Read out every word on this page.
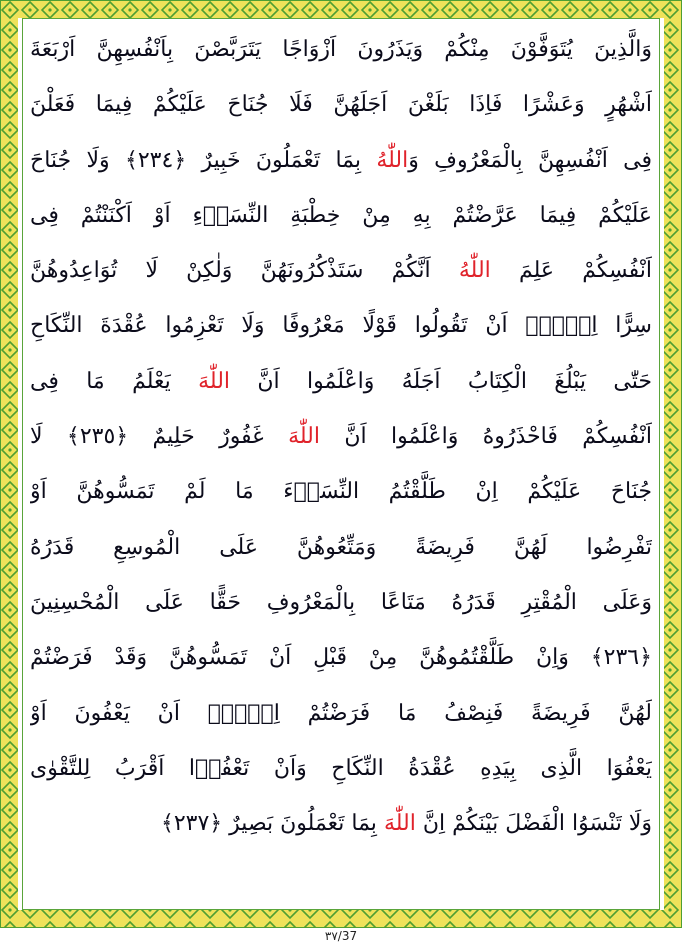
وَالَّذِينَ يُتَوَفَّوْنَ مِنْكُمْ وَيَذَرُونَ اَزْوَاجًا يَتَرَبَّصْنَ بِاَنْفُسِهِنَّ اَرْبَعَةَ
اَشْهُرٍ وَعَشْرًا فَاِذَا بَلَغْنَ اَجَلَهُنَّ فَلَا جُنَاحَ عَلَيْكُمْ فِيمَا فَعَلْنَ
فِى اَنْفُسِهِنَّ بِالْمَعْرُوفِ وَاللّٰهُ بِمَا تَعْمَلُونَ خَبِيرٌ ﴿٢٣٤﴾ وَلَا جُنَاحَ
عَلَيْكُمْ فِيمَا عَرَّضْتُمْ بِهِ مِنْ خِطْبَةِ النِّسَاۤءِ اَوْ اَكْنَنْتُمْ فِى
اَنْفُسِكُمْ عَلِمَ اللّٰهُ اَنَّكُمْ سَتَذْكُرُونَهُنَّ وَلٰكِنْ لَا تُوَاعِدُوهُنَّ
سِرًّا اِلَّاۤ اَنْ تَقُولُوا قَوْلًا مَعْرُوفًا وَلَا تَعْزِمُوا عُقْدَةَ النِّكَاحِ
حَتّٰى يَبْلُغَ الْكِتَابُ اَجَلَهُ وَاعْلَمُوا اَنَّ اللّٰهَ يَعْلَمُ مَا فِى
اَنْفُسِكُمْ فَاحْذَرُوهُ وَاعْلَمُوا اَنَّ اللّٰهَ غَفُورٌ حَلِيمٌ ﴿٢٣٥﴾ لَا
جُنَاحَ عَلَيْكُمْ اِنْ طَلَّقْتُمُ النِّسَاۤءَ مَا لَمْ تَمَسُّوهُنَّ اَوْ
تَفْرِضُوا لَهُنَّ فَرِيضَةً وَمَتِّعُوهُنَّ عَلَى الْمُوسِعِ قَدَرُهُ
وَعَلَى الْمُقْتِرِ قَدَرُهُ مَتَاعًا بِالْمَعْرُوفِ حَقًّا عَلَى الْمُحْسِنِينَ
﴿٢٣٦﴾ وَاِنْ طَلَّقْتُمُوهُنَّ مِنْ قَبْلِ اَنْ تَمَسُّوهُنَّ وَقَدْ فَرَضْتُمْ
لَهُنَّ فَرِيضَةً فَنِصْفُ مَا فَرَضْتُمْ اِلَّاۤ اَنْ يَعْفُونَ اَوْ
يَعْفُوَا الَّذِى بِيَدِهِ عُقْدَةُ النِّكَاحِ وَاَنْ تَعْفُوۤا اَقْرَبُ لِلتَّقْوٰى
وَلَا تَنْسَوُا الْفَضْلَ بَيْنَكُمْ اِنَّ اللّٰهَ بِمَا تَعْمَلُونَ بَصِيرٌ ﴿٢٣٧﴾
٣٧/37
